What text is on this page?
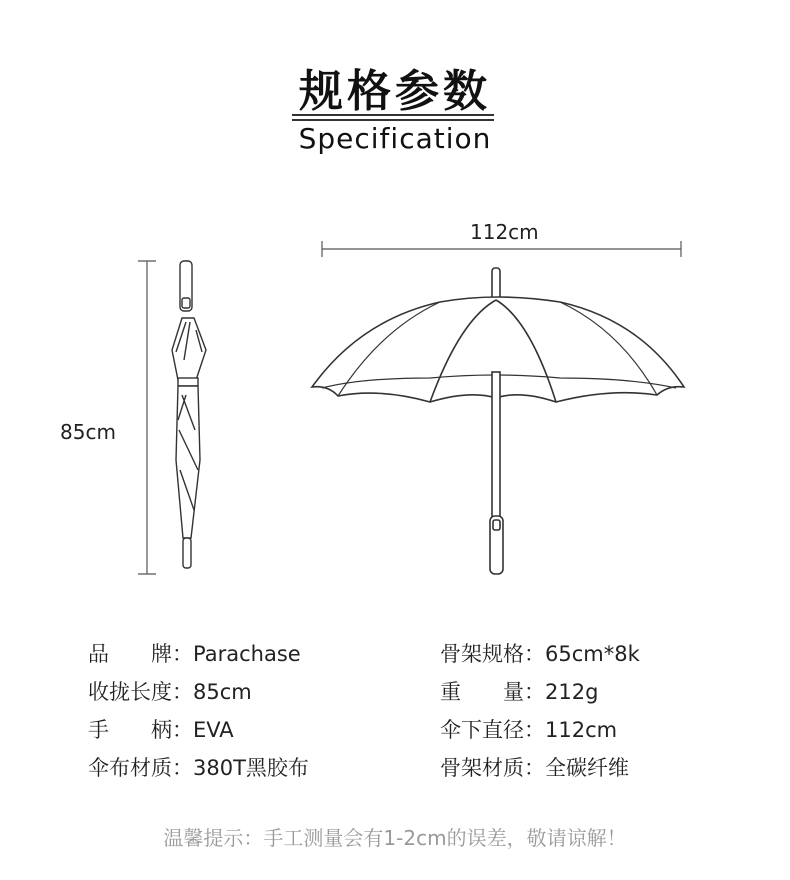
规格参数
Specification
112cm
85cm
品　　牌：Parachase
收拢长度：85cm
手　　柄：EVA
伞布材质：380T黑胶布
骨架规格：65cm*8k
重　　量：212g
伞下直径：112cm
骨架材质：全碳纤维
温馨提示：手工测量会有1-2cm的误差，敬请谅解！
